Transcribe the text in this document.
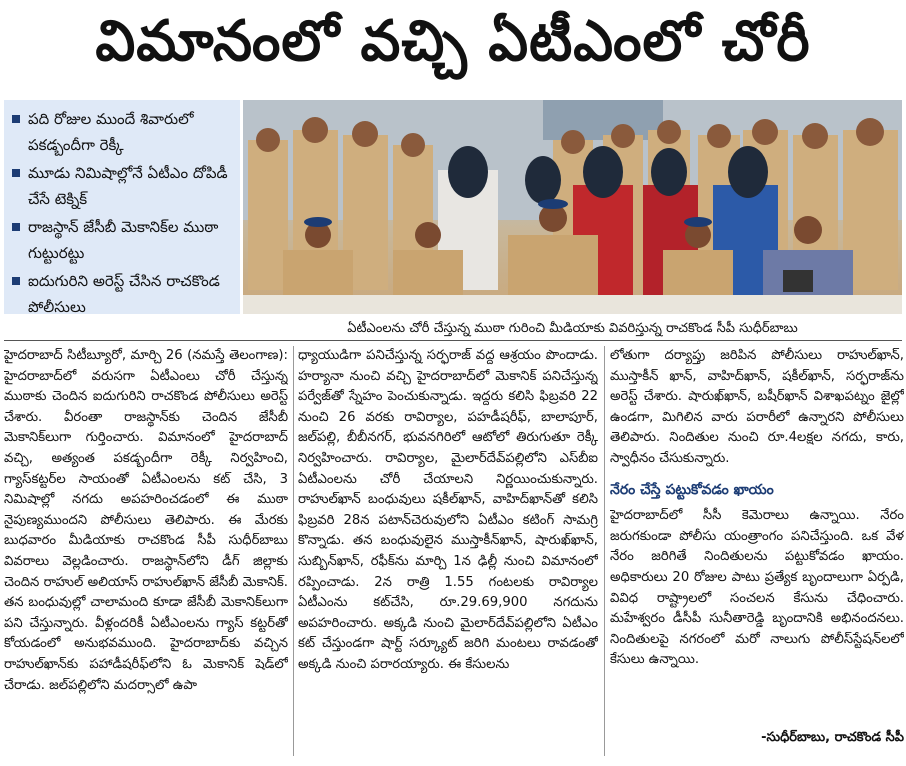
విమానంలో వచ్చి ఏటీఎంలో చోరీ
పది రోజుల ముందే శివారులో పకడ్బందీగా రెక్కీ
మూడు నిమిషాల్లోనే ఏటీఎం దోపిడీ చేసే టెక్నిక్
రాజస్థాన్ జేసీబీ మెకానిక్‌ల ముఠా గుట్టురట్టు
ఐదుగురిని అరెస్ట్ చేసిన రాచకొండ పోలీసులు
ఏటీఎంలను చోరీ చేస్తున్న ముఠా గురించి మీడియాకు వివరిస్తున్న రాచకొండ సీపీ సుధీర్‌బాబు
హైదరాబాద్ సిటీబ్యూరో, మార్చి 26 (నమస్తే తెలంగాణ): హైదరాబాద్‌లో వరుసగా ఏటీఎంలు చోరీ చేస్తున్న ముఠాకు చెందిన ఐదుగురిని రాచకొండ పోలీసులు అరెస్ట్ చేశారు. వీరంతా రాజస్థాన్‌కు చెందిన జేసీబీ మెకానిక్‌లుగా గుర్తించారు. విమానంలో హైదరాబాద్ వచ్చి, అత్యంత పకడ్బందీగా రెక్కీ నిర్వహించి, గ్యాస్‌కట్టర్‌ల సాయంతో ఏటీఎంలను కట్ చేసి, 3 నిమిషాల్లో నగదు అపహరించడంలో ఈ ముఠా నైపుణ్యముందని పోలీసులు తెలిపారు. ఈ మేరకు బుధవారం మీడియాకు రాచకొండ సీపీ సుధీర్‌బాబు వివరాలు వెల్లడించారు. రాజస్థాన్‌లోని డీగ్ జిల్లాకు చెందిన రాహుల్ అలియాస్ రాహుల్‌ఖాన్ జేసీబీ మెకానిక్. తన బంధువుల్లో చాలామంది కూడా జేసీబీ మెకానిక్‌లుగా పని చేస్తున్నారు. వీళ్లందరికీ ఏటీఎంలను గ్యాస్ కట్టర్‌తో కోయడంలో అనుభవముంది. హైదరాబాద్‌కు వచ్చిన రాహుల్‌ఖాన్‌కు పహాడీషరీఫ్‌లోని ఓ మెకానిక్ షెడ్‌లో చేరాడు. జల్‌పల్లిలోని మదర్సాలో ఉపా
ధ్యాయుడిగా పనిచేస్తున్న సర్ఫరాజ్ వద్ద ఆశ్రయం పొందాడు. హర్యానా నుంచి వచ్చి హైదరాబాద్‌లో మెకానిక్ పనిచేస్తున్న పర్వేజ్‌తో స్నేహం పెంచుకున్నాడు. ఇద్దరు కలిసి ఫిబ్రవరి 22 నుంచి 26 వరకు రావిర్యాల, పహడీషరీఫ్, బాలాపూర్, జల్‌పల్లి, బీబీనగర్, భువనగిరిలో ఆటోలో తిరుగుతూ రెక్కీ నిర్వహించారు. రావిర్యాల, మైలార్‌దేవ్‌పల్లిలోని ఎస్‌బీఐ ఏటీఎంలను చోరీ చేయాలని నిర్ణయించుకున్నారు. రాహుల్‌ఖాన్ బంధువులు షకీల్‌ఖాన్, వాహిద్‌ఖాన్‌తో కలిసి ఫిబ్రవరి 28న పటాన్‌చెరువులోని ఏటీఎం కటింగ్ సామగ్రి కొన్నాడు. తన బంధువులైన ముస్తాకీన్‌ఖాన్, షారుఖ్‌ఖాన్, సుబ్బిన్‌ఖాన్, రఫీక్‌ను మార్చి 1న ఢిల్లీ నుంచి విమానంలో రప్పించాడు. 2న రాత్రి 1.55 గంటలకు రావిర్యాల ఏటీఎంను కట్‌చేసి, రూ.29.69,900 నగదును అపహరించారు. అక్కడి నుంచి మైలార్‌దేవ్‌పల్లిలోని ఏటీఎం కట్ చేస్తుండగా షార్ట్ సర్క్యూట్ జరిగి మంటలు రావడంతో అక్కడి నుంచి పరారయ్యారు. ఈ కేసులను
లోతుగా దర్యాప్తు జరిపిన పోలీసులు రాహుల్‌ఖాన్, ముస్తాకీన్ ఖాన్, వాహిద్‌ఖాన్, షకీల్‌ఖాన్, సర్ఫరాజ్‌ను అరెస్ట్ చేశారు. షారుఖ్‌ఖాన్, బషీర్‌ఖాన్ విశాఖపట్నం జైల్లో ఉండగా, మిగిలిన వారు పరారీలో ఉన్నారని పోలీసులు తెలిపారు. నిందితుల నుంచి రూ.4లక్షల నగదు, కారు, స్వాధీనం చేసుకున్నారు.
నేరం చేస్తే పట్టుకోవడం ఖాయం
హైదరాబాద్‌లో సీసీ కెమెరాలు ఉన్నాయి. నేరం జరుగకుండా పోలీసు యంత్రాంగం పనిచేస్తుంది. ఒక వేళ నేరం జరిగితే నిందితులను పట్టుకోవడం ఖాయం. అధికారులు 20 రోజుల పాటు ప్రత్యేక బృందాలుగా ఏర్పడి, వివిధ రాష్ట్రాలలో సంచలన కేసును చేధించారు. మహేశ్వరం డీసీపీ సునీతారెడ్డి బృందానికి అభినందనలు. నిందితులపై నగరంలో మరో నాలుగు పోలీస్‌స్టేషన్‌లలో కేసులు ఉన్నాయి.
-సుధీర్‌బాబు, రాచకొండ సీపీ
